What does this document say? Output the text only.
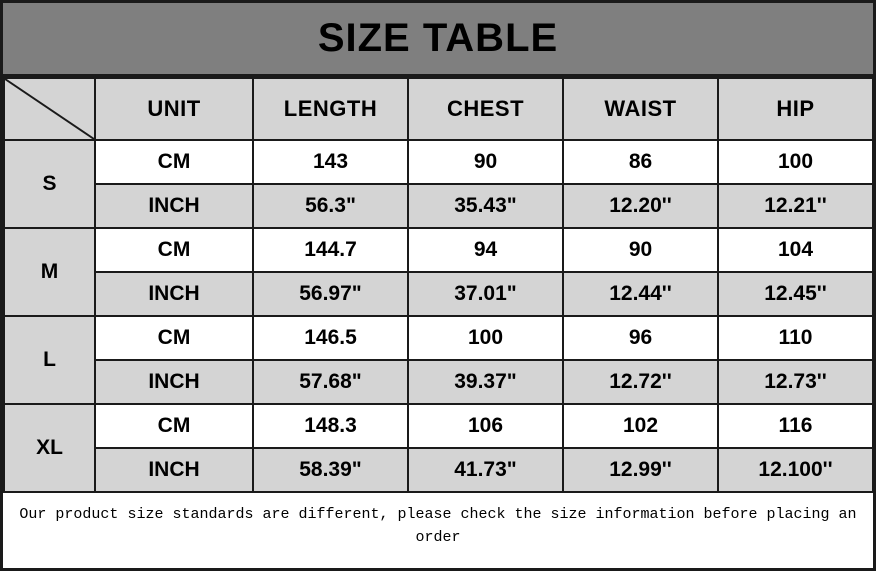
SIZE TABLE
	UNIT	LENGTH	CHEST	WAIST	HIP
S	CM	143	90	86	100
	INCH	56.3"	35.43"	12.20''	12.21''
M	CM	144.7	94	90	104
	INCH	56.97"	37.01"	12.44''	12.45''
L	CM	146.5	100	96	110
	INCH	57.68"	39.37"	12.72''	12.73''
XL	CM	148.3	106	102	116
	INCH	58.39"	41.73"	12.99''	12.100''
Our product size standards are different, please check the size information before placing an order
